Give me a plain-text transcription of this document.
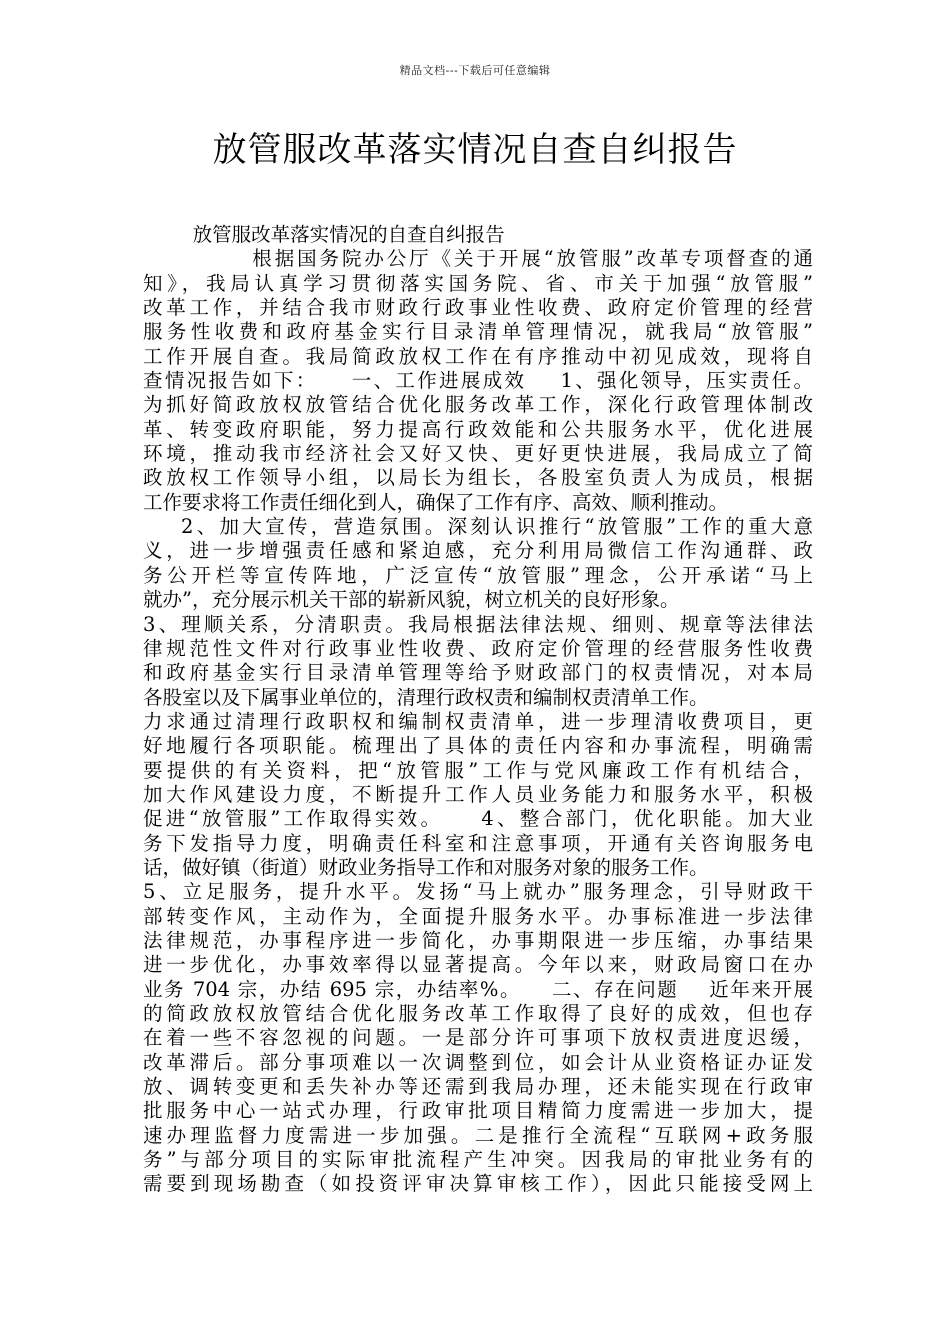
精品文档---下载后可任意编辑
放管服改革落实情况自查自纠报告
放管服改革落实情况的自查自纠报告
根据国务院办公厅《关于开展“放管服”改革专项督查的通
知》，我局认真学习贯彻落实国务院、省、市关于加强“放管服”
改革工作，并结合我市财政行政事业性收费、政府定价管理的经营
服务性收费和政府基金实行目录清单管理情况，就我局“放管服”
工作开展自查。我局简政放权工作在有序推动中初见成效，现将自
查情况报告如下：    一、工作进展成效    1、强化领导，压实责任。
为抓好简政放权放管结合优化服务改革工作，深化行政管理体制改
革、转变政府职能，努力提高行政效能和公共服务水平，优化进展
环境，推动我市经济社会又好又快、更好更快进展，我局成立了简
政放权工作领导小组，以局长为组长，各股室负责人为成员，根据
工作要求将工作责任细化到人，确保了工作有序、高效、顺利推动。
2、加大宣传，营造氛围。深刻认识推行“放管服”工作的重大意
义，进一步增强责任感和紧迫感，充分利用局微信工作沟通群、政
务公开栏等宣传阵地，广泛宣传“放管服”理念，公开承诺“马上
就办”，充分展示机关干部的崭新风貌，树立机关的良好形象。
3、理顺关系，分清职责。我局根据法律法规、细则、规章等法律法
律规范性文件对行政事业性收费、政府定价管理的经营服务性收费
和政府基金实行目录清单管理等给予财政部门的权责情况，对本局
各股室以及下属事业单位的，清理行政权责和编制权责清单工作。
力求通过清理行政职权和编制权责清单，进一步理清收费项目，更
好地履行各项职能。梳理出了具体的责任内容和办事流程，明确需
要提供的有关资料，把“放管服”工作与党风廉政工作有机结合，
加大作风建设力度，不断提升工作人员业务能力和服务水平，积极
促进“放管服”工作取得实效。    4、整合部门，优化职能。加大业
务下发指导力度，明确责任科室和注意事项，开通有关咨询服务电
话，做好镇（街道）财政业务指导工作和对服务对象的服务工作。
5、立足服务，提升水平。发扬“马上就办”服务理念，引导财政干
部转变作风，主动作为，全面提升服务水平。办事标准进一步法律
法律规范，办事程序进一步简化，办事期限进一步压缩，办事结果
进一步优化，办事效率得以显著提高。今年以来，财政局窗口在办
业务 704 宗，办结 695 宗，办结率%。    二、存在问题    近年来开展
的简政放权放管结合优化服务改革工作取得了良好的成效，但也存
在着一些不容忽视的问题。一是部分许可事项下放权责进度迟缓，
改革滞后。部分事项难以一次调整到位，如会计从业资格证办证发
放、调转变更和丢失补办等还需到我局办理，还未能实现在行政审
批服务中心一站式办理，行政审批项目精简力度需进一步加大，提
速办理监督力度需进一步加强。二是推行全流程“互联网+政务服
务”与部分项目的实际审批流程产生冲突。因我局的审批业务有的
需要到现场勘查（如投资评审决算审核工作），因此只能接受网上
